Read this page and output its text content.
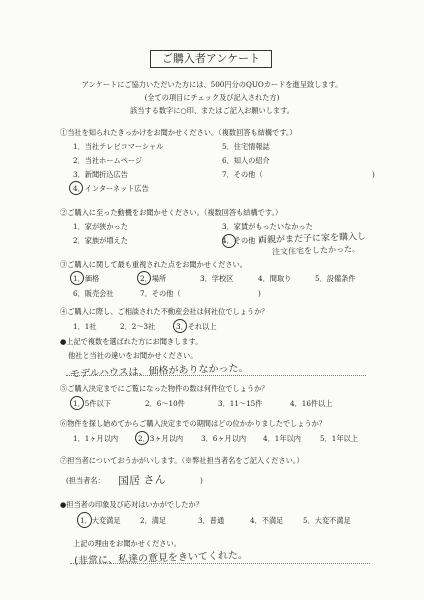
ご購入者アンケート
アンケートにご協力いただいた方には、500円分のQUOカードを進呈致します。
(全ての項目にチェック及び記入された方)
該当する数字に○印、またはご記入お願いします。
①当社を知られたきっかけをお聞かせください。（複数回答も結構です。）
1．当社テレビコマーシャル	5．住宅情報誌
2．当社ホームページ	6．知人の紹介
3．新聞折込広告	7．その他（
4．インターネット広告
)
②ご購入に至った動機をお聞かせください。（複数回答も結構です。）
1．家が狭かった	3．家賃がもったいなかった
2．家族が増えた	4．その他（
両親がまだ子に家を購入し
注文住宅をしたかった。
③ご購入に関して最も重視された点をお聞かせください。
1．価格	2．場所	3．学校区	4．間取り	5．設備条件
6．販売会社	7．その他（	)
④ご購入に際し、ご相談された不動産会社は何社位でしょうか？
1．1社	2．2〜3社	3．それ以上
●上記で複数を選ばれた方にお聞きします。
他社と当社の違いをお聞かせください。
モデルハウスは、価格がありなかった。
⑤ご購入決定までにご覧になった物件の数は何件位でしょうか？
1．5件以下	2．6〜10件	3．11〜15件	4．16件以上
⑥物件を探し始めてからご購入決定までの期間はどの位かかりましたでしょうか？
1．1ヶ月以内	2．3ヶ月以内 3．6ヶ月以内 4．1年以内	5．1年以上
⑦担当者についておうかがいします。（※弊社担当者名をご記入ください。）
(担当者名： 国居 さん	)
●担当者の印象及び応対はいかがでしたか？
1．大変満足	2．満足	3．普通	4．不満足	5．大変不満足
上記の理由をお聞かせください。
(非常に、私達の意見をきいてくれた。
